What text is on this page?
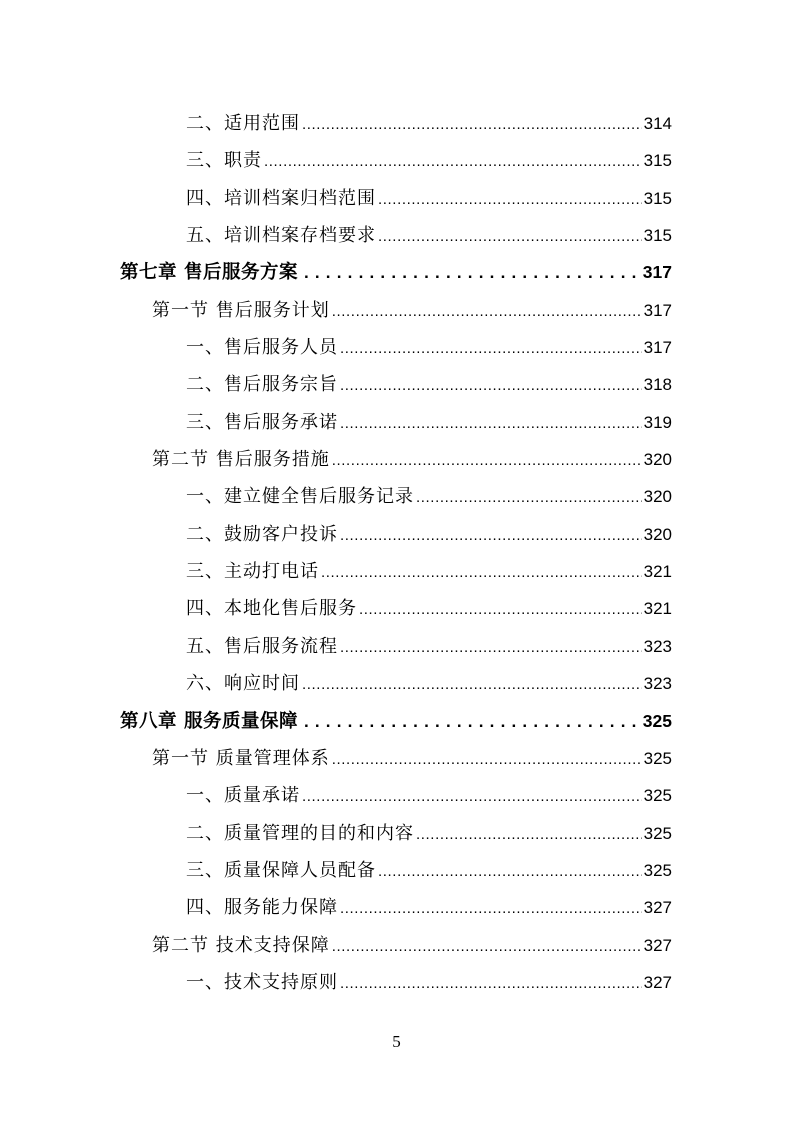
二、适用范围 .....	314
三、职责 .....	315
四、培训档案归档范围 .....	315
五、培训档案存档要求 .....	315
第七章 售后服务方案 .....	317
第一节 售后服务计划 .....	317
一、售后服务人员 .....	317
二、售后服务宗旨 .....	318
三、售后服务承诺 .....	319
第二节 售后服务措施 .....	320
一、建立健全售后服务记录 .....	320
二、鼓励客户投诉 .....	320
三、主动打电话 .....	321
四、本地化售后服务 .....	321
五、售后服务流程 .....	323
六、响应时间 .....	323
第八章 服务质量保障 .....	325
第一节 质量管理体系 .....	325
一、质量承诺 .....	325
二、质量管理的目的和内容 .....	325
三、质量保障人员配备 .....	325
四、服务能力保障 .....	327
第二节 技术支持保障 .....	327
一、技术支持原则 .....	327
5
